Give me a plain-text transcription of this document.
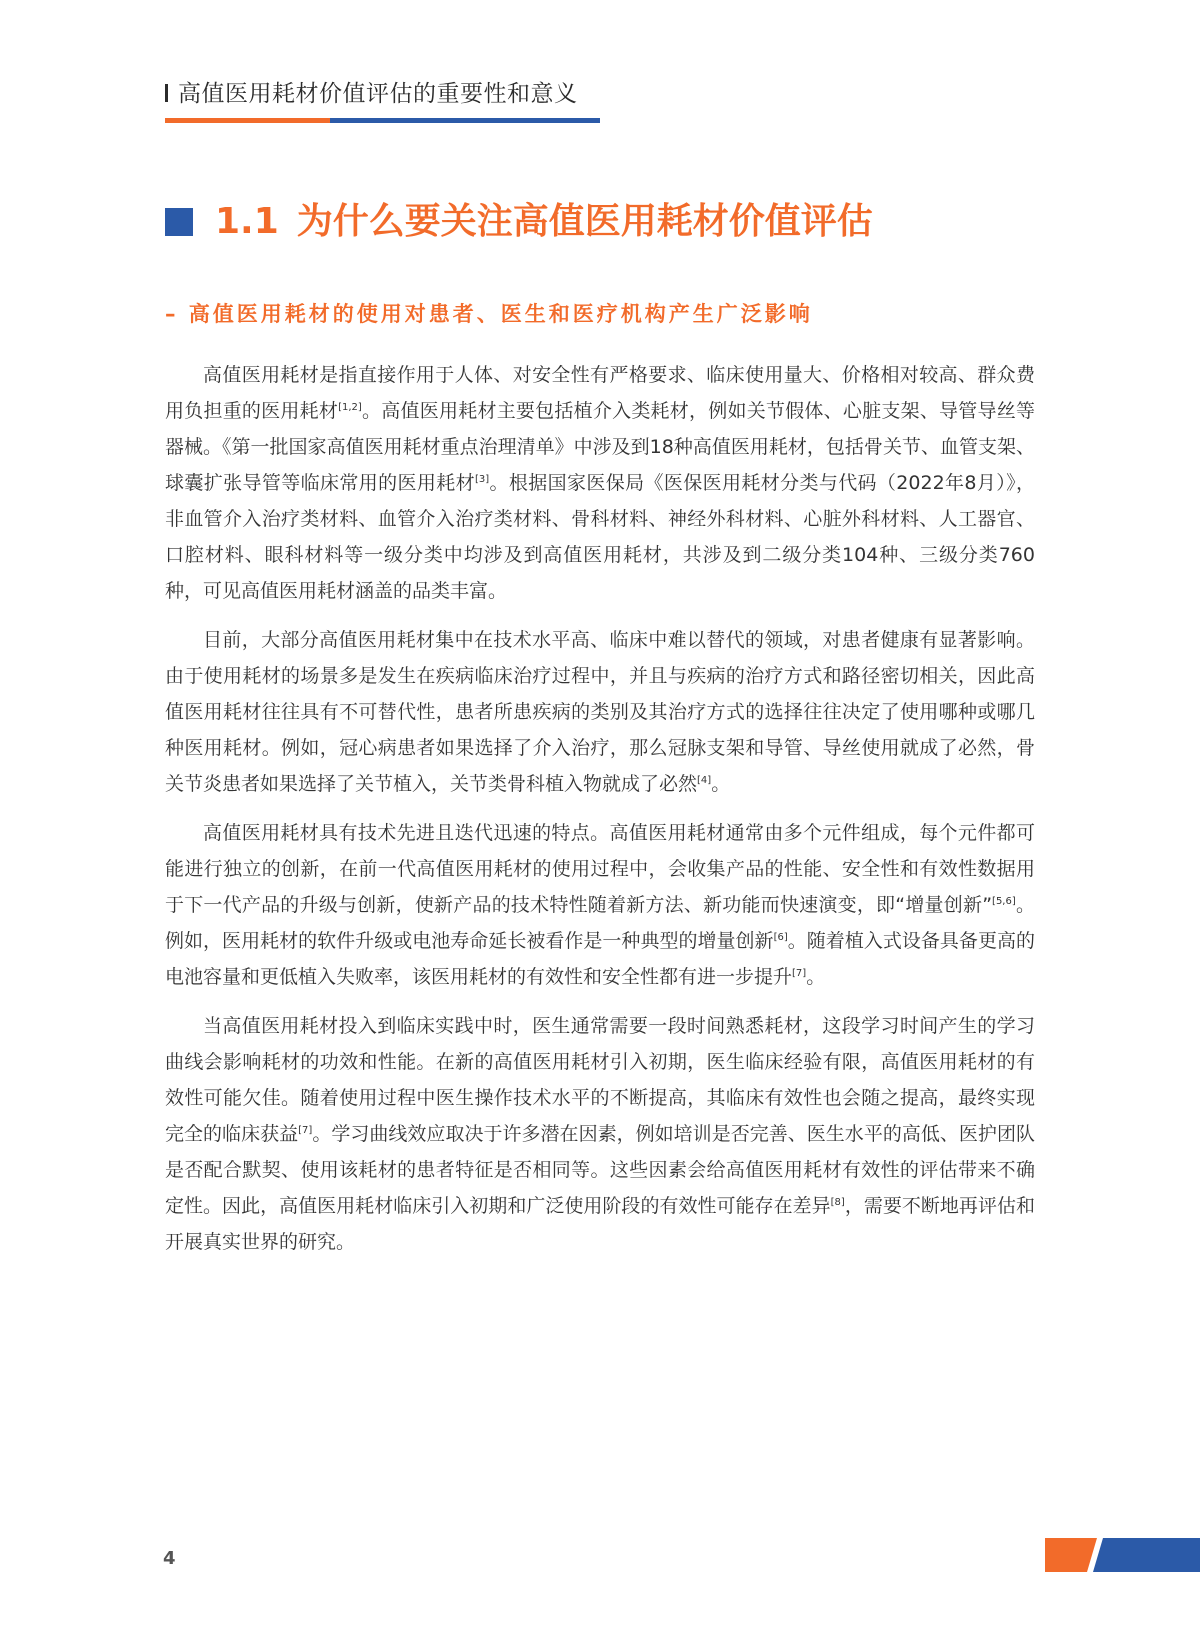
高值医用耗材价值评估的重要性和意义
1.1 为什么要关注高值医用耗材价值评估
– 高值医用耗材的使用对患者、医生和医疗机构产生广泛影响

高值医用耗材是指直接作用于人体、对安全性有严格要求、临床使用量大、价格相对较高、群众费用负担重的医用耗材[1,2]。高值医用耗材主要包括植介入类耗材，例如关节假体、心脏支架、导管导丝等器械。《第一批国家高值医用耗材重点治理清单》中涉及到18种高值医用耗材，包括骨关节、血管支架、球囊扩张导管等临床常用的医用耗材[3]。根据国家医保局《医保医用耗材分类与代码（2022年8月）》，非血管介入治疗类材料、血管介入治疗类材料、骨科材料、神经外科材料、心脏外科材料、人工器官、口腔材料、眼科材料等一级分类中均涉及到高值医用耗材，共涉及到二级分类104种、三级分类760种，可见高值医用耗材涵盖的品类丰富。

目前，大部分高值医用耗材集中在技术水平高、临床中难以替代的领域，对患者健康有显著影响。由于使用耗材的场景多是发生在疾病临床治疗过程中，并且与疾病的治疗方式和路径密切相关，因此高值医用耗材往往具有不可替代性，患者所患疾病的类别及其治疗方式的选择往往决定了使用哪种或哪几种医用耗材。例如，冠心病患者如果选择了介入治疗，那么冠脉支架和导管、导丝使用就成了必然，骨关节炎患者如果选择了关节植入，关节类骨科植入物就成了必然[4]。

高值医用耗材具有技术先进且迭代迅速的特点。高值医用耗材通常由多个元件组成，每个元件都可能进行独立的创新，在前一代高值医用耗材的使用过程中，会收集产品的性能、安全性和有效性数据用于下一代产品的升级与创新，使新产品的技术特性随着新方法、新功能而快速演变，即“增量创新”[5,6]。例如，医用耗材的软件升级或电池寿命延长被看作是一种典型的增量创新[6]。随着植入式设备具备更高的电池容量和更低植入失败率，该医用耗材的有效性和安全性都有进一步提升[7]。

当高值医用耗材投入到临床实践中时，医生通常需要一段时间熟悉耗材，这段学习时间产生的学习曲线会影响耗材的功效和性能。在新的高值医用耗材引入初期，医生临床经验有限，高值医用耗材的有效性可能欠佳。随着使用过程中医生操作技术水平的不断提高，其临床有效性也会随之提高，最终实现完全的临床获益[7]。学习曲线效应取决于许多潜在因素，例如培训是否完善、医生水平的高低、医护团队是否配合默契、使用该耗材的患者特征是否相同等。这些因素会给高值医用耗材有效性的评估带来不确定性。因此，高值医用耗材临床引入初期和广泛使用阶段的有效性可能存在差异[8]，需要不断地再评估和开展真实世界的研究。

4
